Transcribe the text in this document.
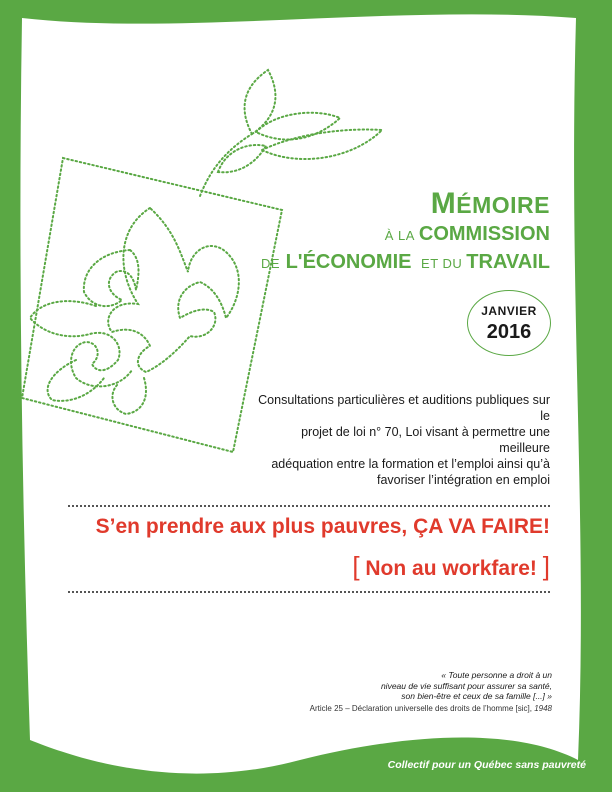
MÉMOIRE
À LA COMMISSION
DE L'ÉCONOMIE ET DU TRAVAIL
JANVIER
2016
Consultations particulières et auditions publiques sur le
projet de loi n° 70, Loi visant à permettre une meilleure
adéquation entre la formation et l’emploi ainsi qu’à
favoriser l’intégration en emploi
S’en prendre aux plus pauvres, ÇA VA FAIRE!
[ Non au workfare! ]
« Toute personne a droit à un
niveau de vie suffisant pour assurer sa santé,
son bien-être et ceux de sa famille [...] »
Article 25 – Déclaration universelle des droits de l’homme [sic], 1948
Collectif pour un Québec sans pauvreté
